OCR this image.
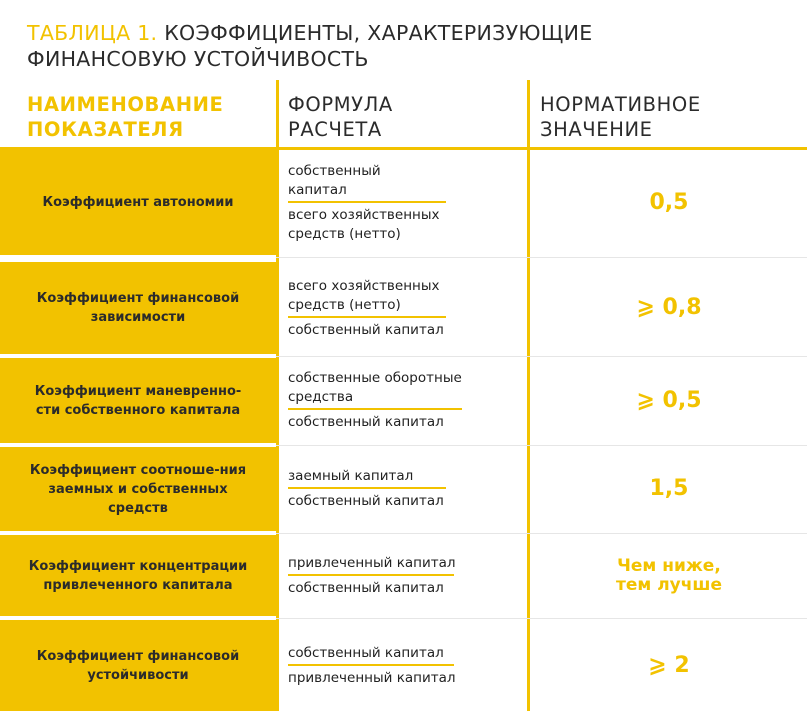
ТАБЛИЦА 1. КОЭФФИЦИЕНТЫ, ХАРАКТЕРИЗУЮЩИЕ
ФИНАНСОВУЮ УСТОЙЧИВОСТЬ
НАИМЕНОВАНИЕ
ПОКАЗАТЕЛЯ
ФОРМУЛА
РАСЧЕТА
НОРМАТИВНОЕ
ЗНАЧЕНИЕ
Коэффициент автономии
собственный
капитал
всего хозяйственных
средств (нетто)
0,5
Коэффициент финансовой зависимости
всего хозяйственных
средств (нетто)
собственный капитал
⩾ 0,8
Коэффициент маневренно-сти собственного капитала
собственные оборотные
средства
собственный капитал
⩾ 0,5
Коэффициент соотноше-ния заемных и собственных средств
заемный капитал
собственный капитал	1,5
Коэффициент концентрации привлеченного капитала
привлеченный капитал
собственный капитал
Чем ниже,
тем лучше
Коэффициент финансовой устойчивости
собственный капитал
привлеченный капитал	⩾ 2
